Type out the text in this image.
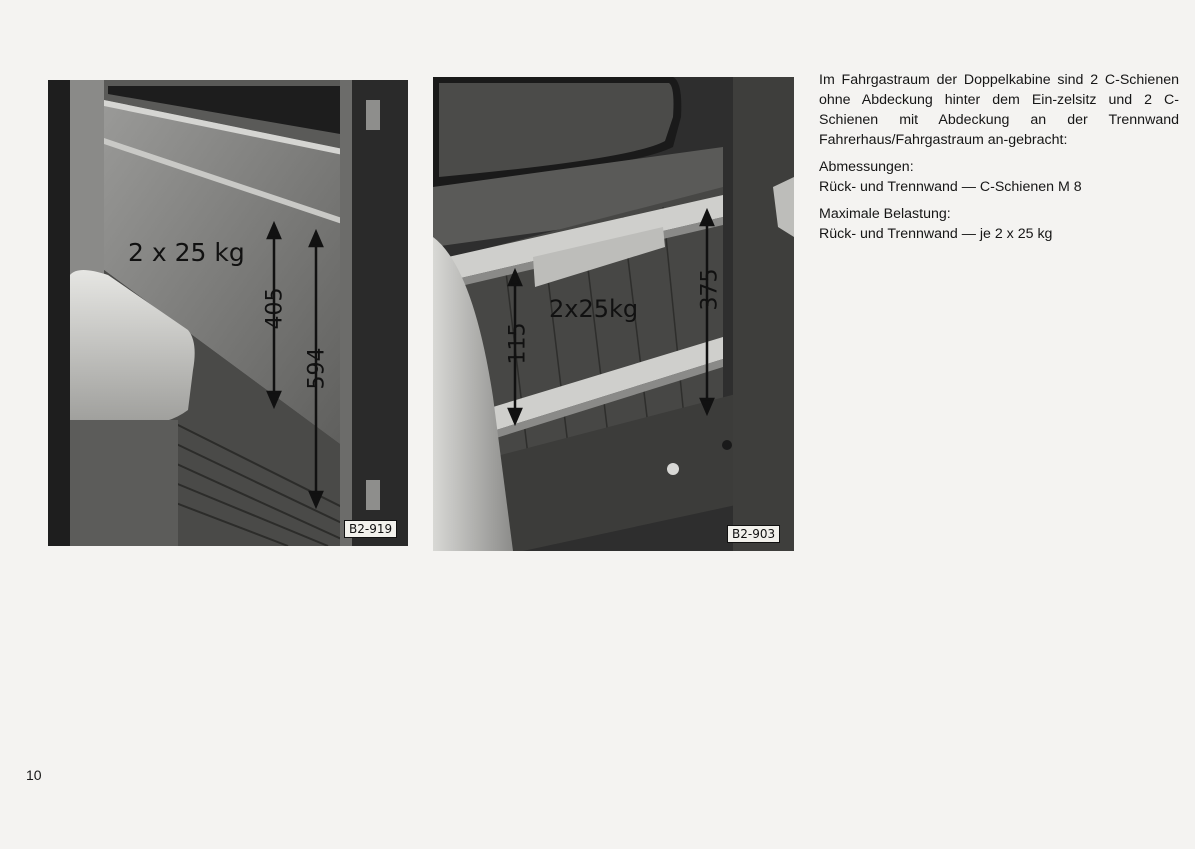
2 x 25 kg
405
594
B2-919
2x25kg
115
375
B2-903

Im Fahrgastraum der Doppelkabine sind 2 C-Schienen ohne Abdeckung hinter dem Ein-zelsitz und 2 C-Schienen mit Abdeckung an der Trennwand Fahrerhaus/Fahrgastraum an-gebracht:

Abmessungen:
Rück- und Trennwand — C-Schienen M 8

Maximale Belastung:
Rück- und Trennwand — je 2 x 25 kg

10
